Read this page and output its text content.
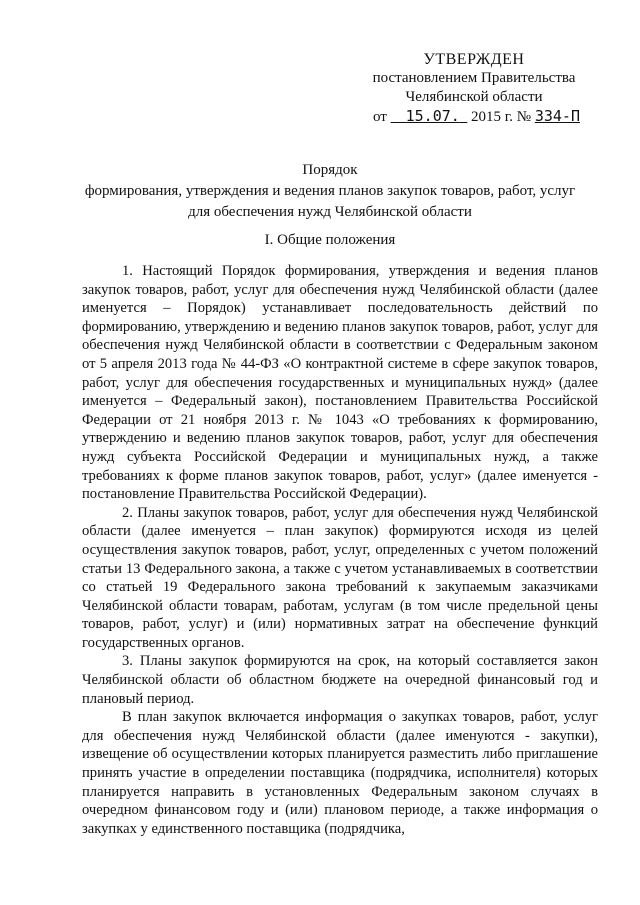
УТВЕРЖДЕН
постановлением Правительства
Челябинской области
от 15.07. 2015 г. № 334-П
Порядок
формирования, утверждения и ведения планов закупок товаров, работ, услуг
для обеспечения нужд Челябинской области
I. Общие положения

1. Настоящий Порядок формирования, утверждения и ведения планов закупок товаров, работ, услуг для обеспечения нужд Челябинской области (далее именуется – Порядок) устанавливает последовательность действий по формированию, утверждению и ведению планов закупок товаров, работ, услуг для обеспечения нужд Челябинской области в соответствии с Федеральным законом от 5 апреля 2013 года № 44-ФЗ «О контрактной системе в сфере закупок товаров, работ, услуг для обеспечения государственных и муниципальных нужд» (далее именуется – Федеральный закон), постановлением Правительства Российской Федерации от 21 ноября 2013 г. № 1043 «О требованиях к формированию, утверждению и ведению планов закупок товаров, работ, услуг для обеспечения нужд субъекта Российской Федерации и муниципальных нужд, а также требованиях к форме планов закупок товаров, работ, услуг» (далее именуется - постановление Правительства Российской Федерации).

2. Планы закупок товаров, работ, услуг для обеспечения нужд Челябинской области (далее именуется – план закупок) формируются исходя из целей осуществления закупок товаров, работ, услуг, определенных с учетом положений статьи 13 Федерального закона, а также с учетом устанавливаемых в соответствии со статьей 19 Федерального закона требований к закупаемым заказчиками Челябинской области товарам, работам, услугам (в том числе предельной цены товаров, работ, услуг) и (или) нормативных затрат на обеспечение функций государственных органов.

3. Планы закупок формируются на срок, на который составляется закон Челябинской области об областном бюджете на очередной финансовый год и плановый период.

В план закупок включается информация о закупках товаров, работ, услуг для обеспечения нужд Челябинской области (далее именуются - закупки), извещение об осуществлении которых планируется разместить либо приглашение принять участие в определении поставщика (подрядчика, исполнителя) которых планируется направить в установленных Федеральным законом случаях в очередном финансовом году и (или) плановом периоде, а также информация о закупках у единственного поставщика (подрядчика,
